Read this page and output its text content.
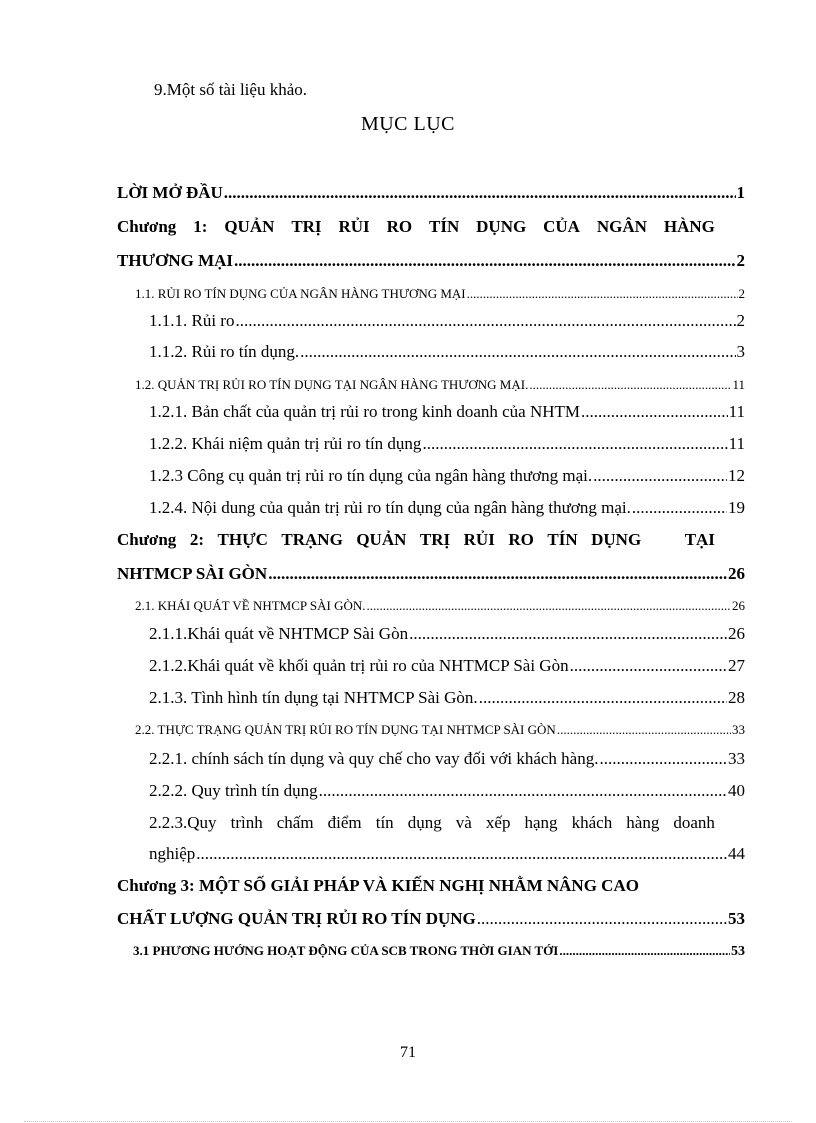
9.Một số tài liệu khảo.
MỤC LỤC
LỜI MỞ ĐẦU .....	1
Chương 1: QUẢN TRỊ RỦI RO TÍN DỤNG CỦA NGÂN HÀNG
THƯƠNG MẠI .....	2
1.1. RỦI RO TÍN DỤNG CỦA NGÂN HÀNG THƯƠNG MẠI .....	2
1.1.1. Rủi ro .....	2
1.1.2. Rủi ro tín dụng. .....	3
1.2. QUẢN TRỊ RỦI RO TÍN DỤNG TẠI NGÂN HÀNG THƯƠNG MẠI. .....	11
1.2.1. Bản chất của quản trị rủi ro trong kinh doanh của NHTM .....	11
1.2.2. Khái niệm quản trị rủi ro tín dụng .....	11
1.2.3 Công cụ quản trị rủi ro tín dụng của ngân hàng thương mại. .....	12
1.2.4. Nội dung của quản trị rủi ro tín dụng của ngân hàng thương mại. .....	19
Chương 2: THỰC TRẠNG QUẢN TRỊ RỦI RO TÍN DỤNG	TẠI
NHTMCP SÀI GÒN .....	26
2.1. KHÁI QUÁT VỀ NHTMCP SÀI GÒN. .....	26
2.1.1.Khái quát về NHTMCP Sài Gòn .....	26
2.1.2.Khái quát về khối quản trị rủi ro của NHTMCP Sài Gòn .....	27
2.1.3. Tình hình tín dụng tại NHTMCP Sài Gòn. .....	28
2.2. THỰC TRẠNG QUẢN TRỊ RỦI RO TÍN DỤNG TẠI NHTMCP SÀI GÒN .....	33
2.2.1. chính sách tín dụng và quy chế cho vay đối với khách hàng. .....	33
2.2.2. Quy trình tín dụng .....	40
2.2.3.Quy trình chấm điểm tín dụng và xếp hạng khách hàng doanh
nghiệp .....	44
Chương 3: MỘT SỐ GIẢI PHÁP VÀ KIẾN NGHỊ NHẰM NÂNG CAO
CHẤT LƯỢNG QUẢN TRỊ RỦI RO TÍN DỤNG .....	53
3.1 PHƯƠNG HƯỚNG HOẠT ĐỘNG CỦA SCB TRONG THỜI GIAN TỚI .....	53
71
